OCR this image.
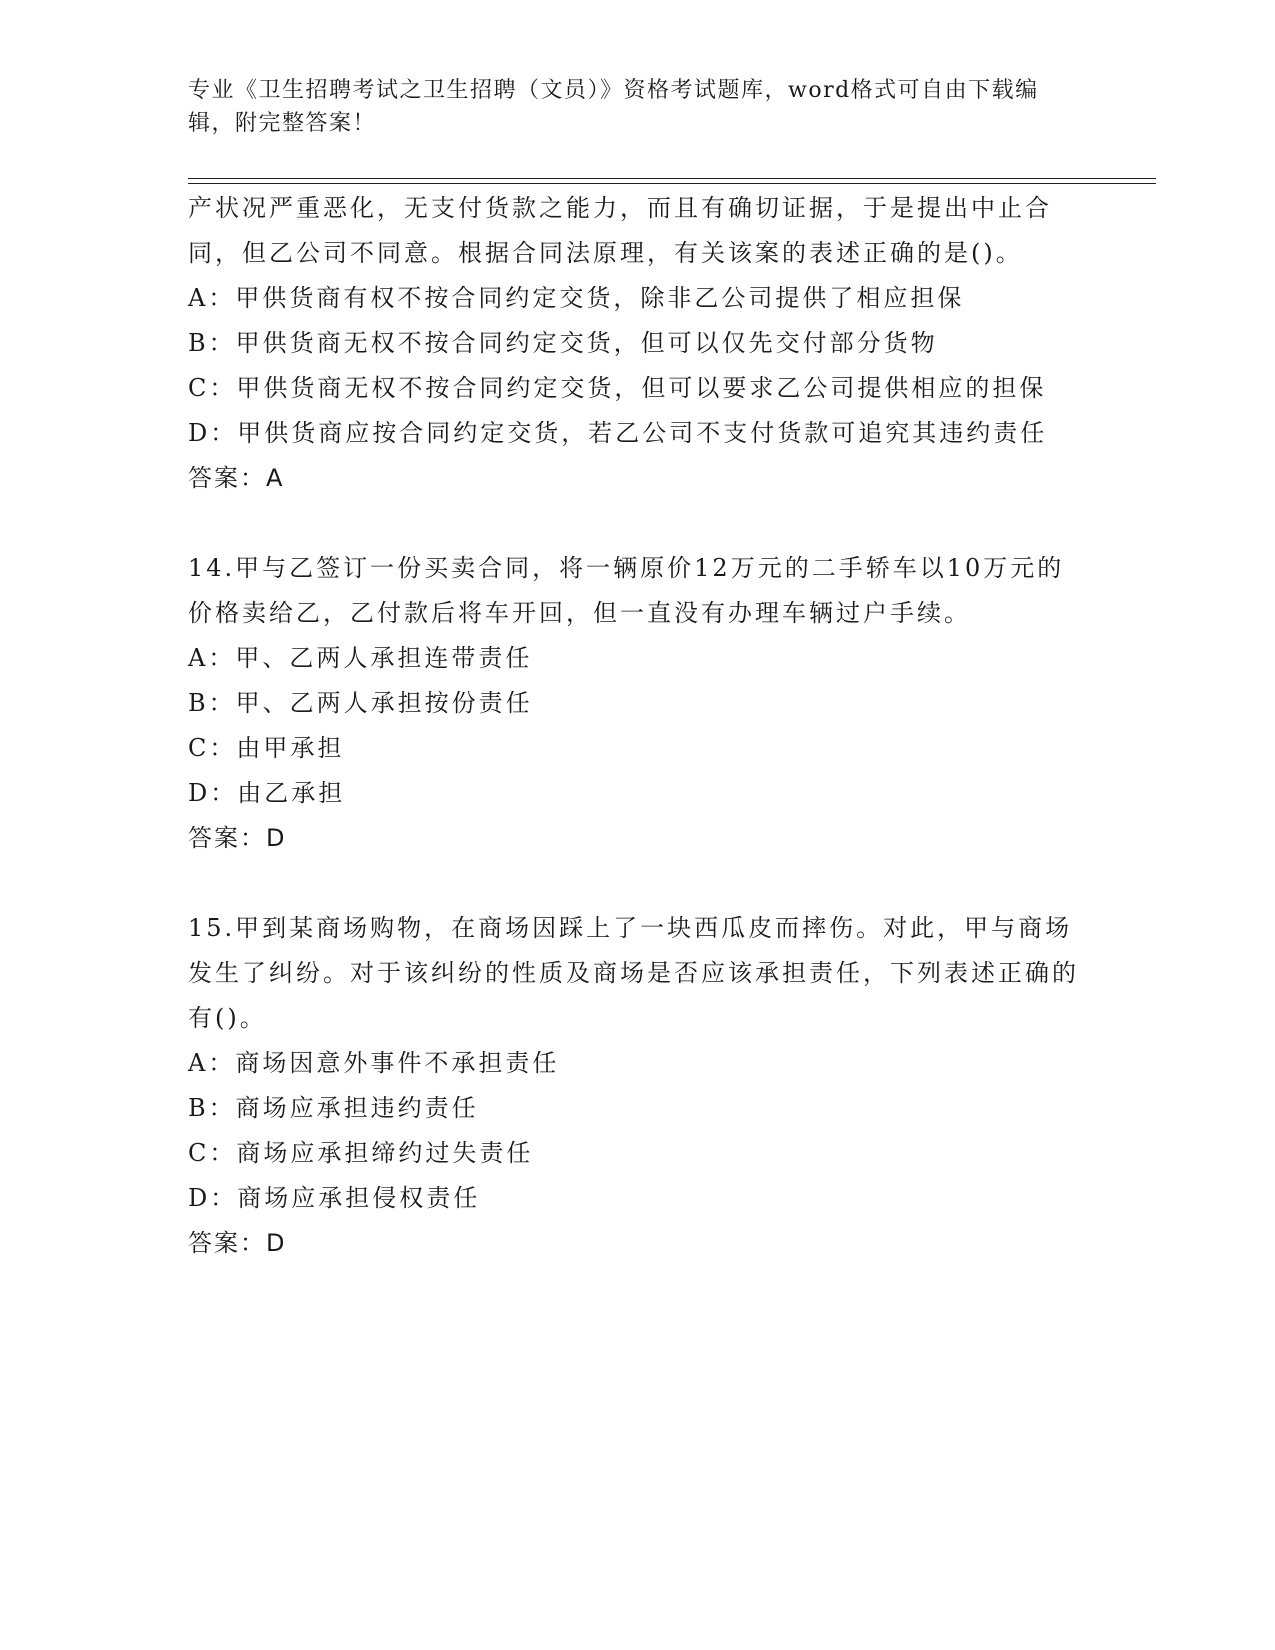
专业《卫生招聘考试之卫生招聘（文员）》资格考试题库，word格式可自由下载编辑，附完整答案！

产状况严重恶化，无支付货款之能力，而且有确切证据，于是提出中止合同，但乙公司不同意。根据合同法原理，有关该案的表述正确的是()。

A：甲供货商有权不按合同约定交货，除非乙公司提供了相应担保

B：甲供货商无权不按合同约定交货，但可以仅先交付部分货物

C：甲供货商无权不按合同约定交货，但可以要求乙公司提供相应的担保

D：甲供货商应按合同约定交货，若乙公司不支付货款可追究其违约责任

答案：A

14.甲与乙签订一份买卖合同，将一辆原价12万元的二手轿车以10万元的价格卖给乙，乙付款后将车开回，但一直没有办理车辆过户手续。

A：甲、乙两人承担连带责任

B：甲、乙两人承担按份责任

C：由甲承担

D：由乙承担

答案：D

15.甲到某商场购物，在商场因踩上了一块西瓜皮而摔伤。对此，甲与商场发生了纠纷。对于该纠纷的性质及商场是否应该承担责任，下列表述正确的有()。

A：商场因意外事件不承担责任

B：商场应承担违约责任

C：商场应承担缔约过失责任

D：商场应承担侵权责任

答案：D
